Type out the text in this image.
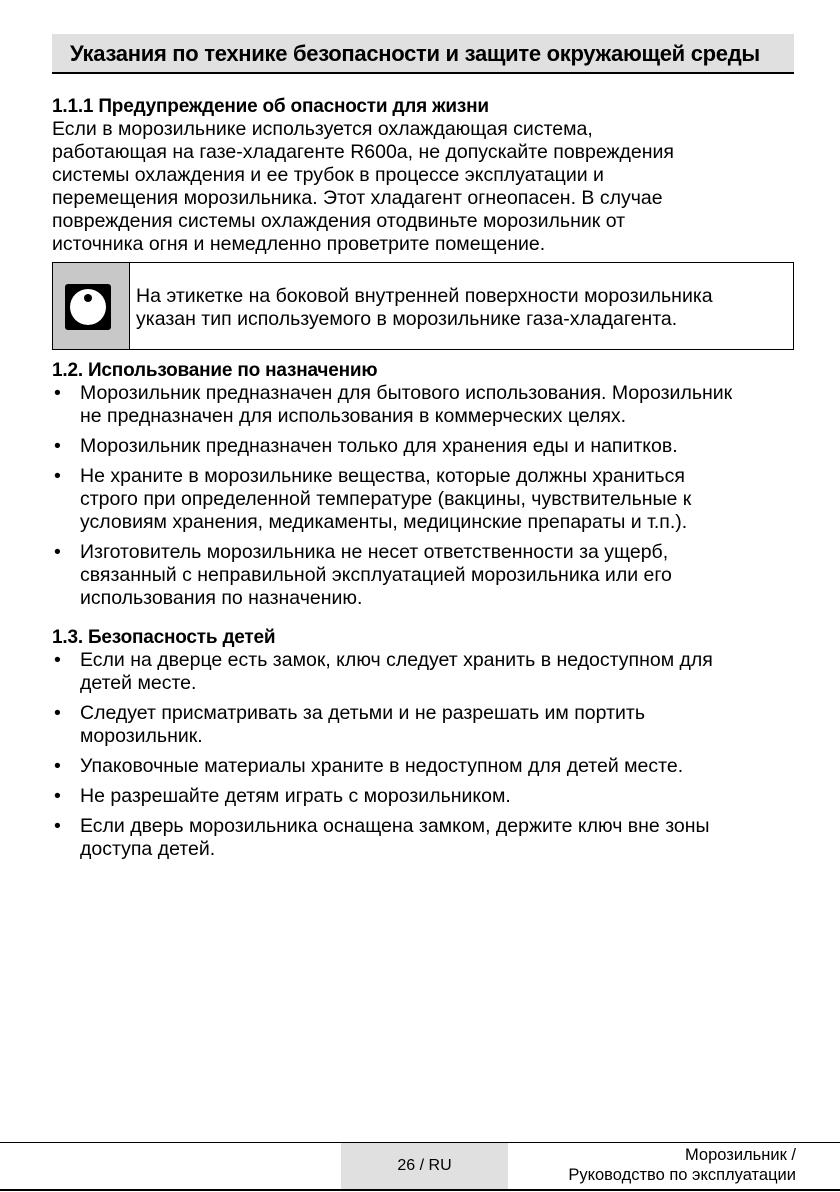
Указания по технике безопасности и защите окружающей среды
1.1.1 Предупреждение об опасности для жизни
Если в морозильнике используется охлаждающая система,
работающая на газе-хладагенте R600a, не допускайте повреждения
системы охлаждения и ее трубок в процессе эксплуатации и
перемещения морозильника. Этот хладагент огнеопасен. В случае
повреждения системы охлаждения отодвиньте морозильник от
источника огня и немедленно проветрите помещение.
На этикетке на боковой внутренней поверхности морозильника
указан тип используемого в морозильнике газа-хладагента.
1.2. Использование по назначению
• Морозильник предназначен для бытового использования. Морозильник
не предназначен для использования в коммерческих целях.
• Морозильник предназначен только для хранения еды и напитков.
• Не храните в морозильнике вещества, которые должны храниться
строго при определенной температуре (вакцины, чувствительные к
условиям хранения, медикаменты, медицинские препараты и т.п.).
• Изготовитель морозильника не несет ответственности за ущерб,
связанный с неправильной эксплуатацией морозильника или его
использования по назначению.
1.3. Безопасность детей
• Если на дверце есть замок, ключ следует хранить в недоступном для
детей месте.
• Следует присматривать за детьми и не разрешать им портить
морозильник.
• Упаковочные материалы храните в недоступном для детей месте.
• Не разрешайте детям играть с морозильником.
• Если дверь морозильника оснащена замком, держите ключ вне зоны
доступа детей.
26 / RU
Морозильник /
Руководство по эксплуатации
